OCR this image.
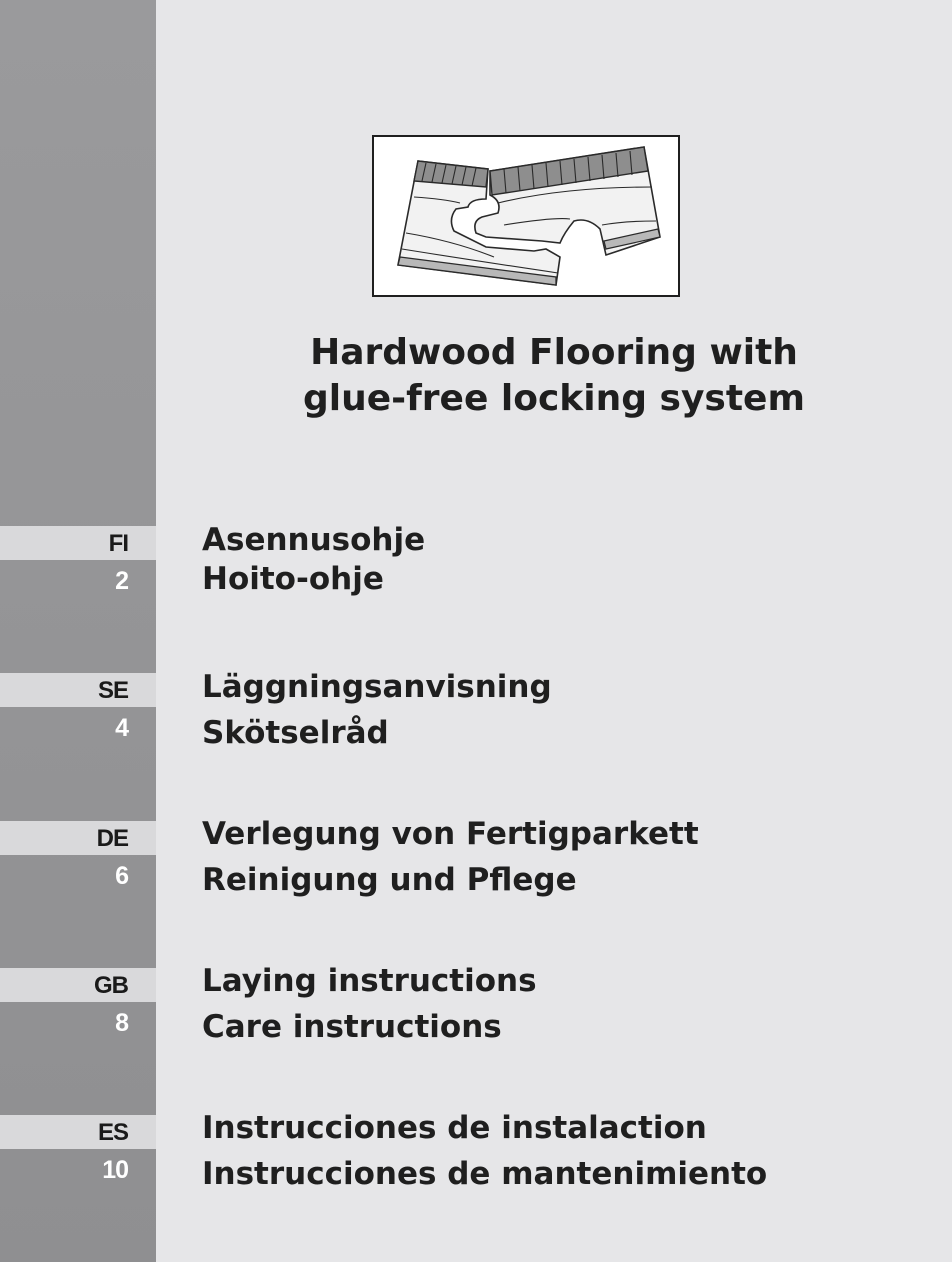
FI
2
SE
4
DE
6
GB
8
ES
10
Hardwood Flooring with
glue-free locking system
Asennusohje
Hoito-ohje
Läggningsanvisning
Skötselråd
Verlegung von Fertigparkett
Reinigung und Pflege
Laying instructions
Care instructions
Instrucciones de instalaction
Instrucciones de mantenimiento
